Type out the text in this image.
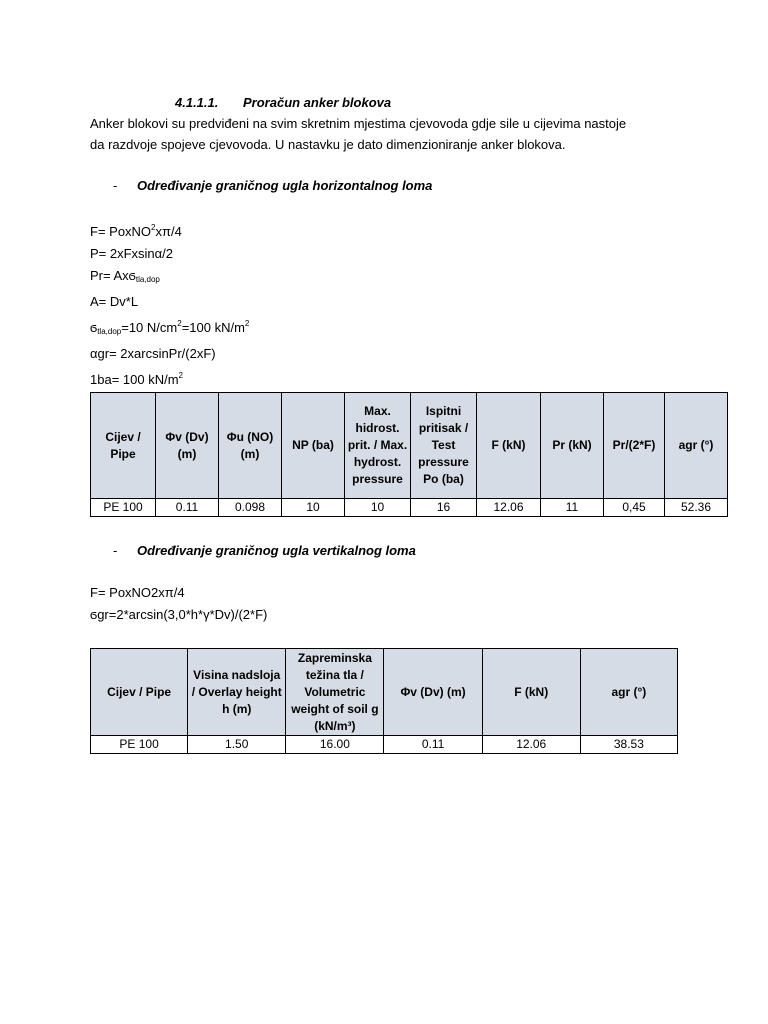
4.1.1.1. Proračun anker blokova
Anker blokovi su predviđeni na svim skretnim mjestima cjevovoda gdje sile u cijevima nastoje
da razdvoje spojeve cjevovoda. U nastavku je dato dimenzioniranje anker blokova.
- Određivanje graničnog ugla horizontalnog loma
F= PoxNO$^2$xπ/4
P= 2xFxsinα/2
Pr= Axϭ$_{tla,dop}$
A= Dv*L
$ϭ_{tla,dop}=10$ $N/cm^2=100$ $kN/m^2$
αgr= 2xarcsinPr/(2xF)
1ba= 100 $kN/m^2$
Cijev / Pipe	Φv (Dv) (m)	Φu (NO) (m)	NP (ba)	Max. hidrost. prit. / Max. hydrost. pressure	Ispitni pritisak / Test pressure Po (ba)	F (kN)	Pr (kN)	Pr/(2*F)	agr (°)
PE 100	0.11	0.098	10	10	16	12.06	11	0,45	52.36
- Određivanje graničnog ugla vertikalnog loma
F= PoxNO2xπ/4
ϭgr=2*arcsin(3,0*h*γ*Dv)/(2*F)
Cijev / Pipe	Visina nadsloja / Overlay height h (m)	Zapreminska težina tla / Volumetric weight of soil g (kN/m³)	Φv (Dv) (m)	F (kN)	agr (°)
PE 100	1.50	16.00	0.11	12.06	38.53
